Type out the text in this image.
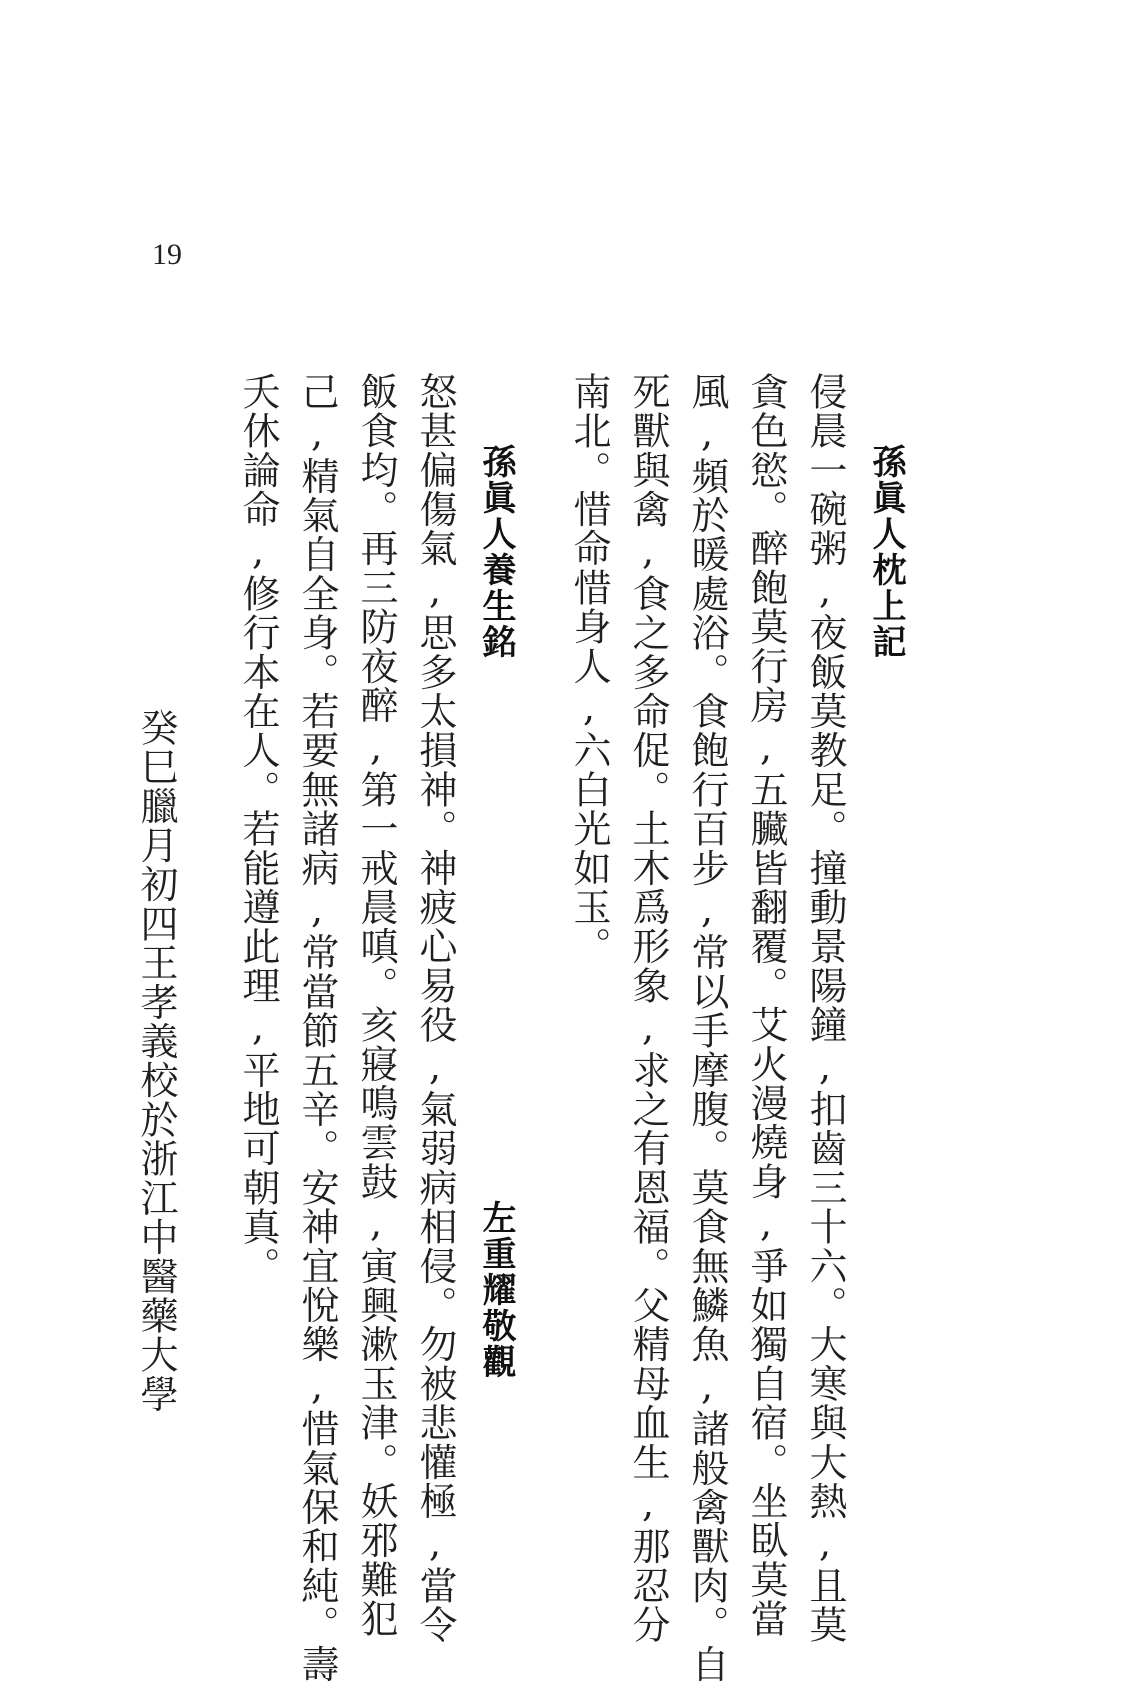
19
孫眞人枕上記
侵晨一碗粥,夜飯莫教足。撞動景陽鐘,扣齒三十六。大寒與大熱,且莫
貪色慾。醉飽莫行房,五臟皆翻覆。艾火漫燒身,爭如獨自宿。坐臥莫當
風,頻於暖處浴。食飽行百步,常以手摩腹。莫食無鱗魚,諸般禽獸肉。自
死獸與禽,食之多命促。土木爲形象,求之有恩福。父精母血生,那忍分
南北。惜命惜身人,六白光如玉。
孫眞人養生銘
左重耀敬觀
怒甚偏傷氣,思多太損神。神疲心易役,氣弱病相侵。勿被悲懽極,當令
飯食均。再三防夜醉,第一戒晨嗔。亥寢鳴雲鼓,寅興漱玉津。妖邪難犯
己,精氣自全身。若要無諸病,常當節五辛。安神宜悅樂,惜氣保和純。壽
夭休論命,修行本在人。若能遵此理,平地可朝真。
癸巳臘月初四王孝義校於浙江中醫藥大學
